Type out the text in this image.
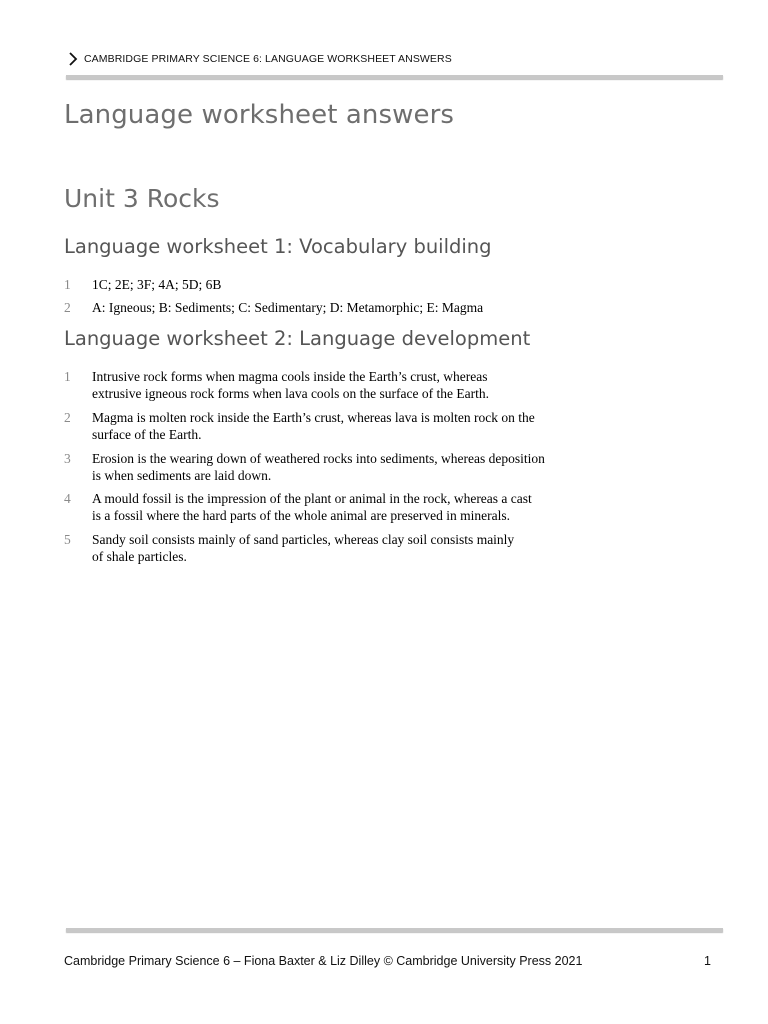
CAMBRIDGE PRIMARY SCIENCE 6: LANGUAGE WORKSHEET ANSWERS
Language worksheet answers
Unit 3 Rocks
Language worksheet 1: Vocabulary building
1	1C; 2E; 3F; 4A; 5D; 6B
2	A: Igneous; B: Sediments; C: Sedimentary; D: Metamorphic; E: Magma
Language worksheet 2: Language development
1	Intrusive rock forms when magma cools inside the Earth’s crust, whereas
extrusive igneous rock forms when lava cools on the surface of the Earth.
2	Magma is molten rock inside the Earth’s crust, whereas lava is molten rock on the
surface of the Earth.
3	Erosion is the wearing down of weathered rocks into sediments, whereas deposition
is when sediments are laid down.
4	A mould fossil is the impression of the plant or animal in the rock, whereas a cast
is a fossil where the hard parts of the whole animal are preserved in minerals.
5	Sandy soil consists mainly of sand particles, whereas clay soil consists mainly
of shale particles.
Cambridge Primary Science 6 – Fiona Baxter & Liz Dilley © Cambridge University Press 2021	1
